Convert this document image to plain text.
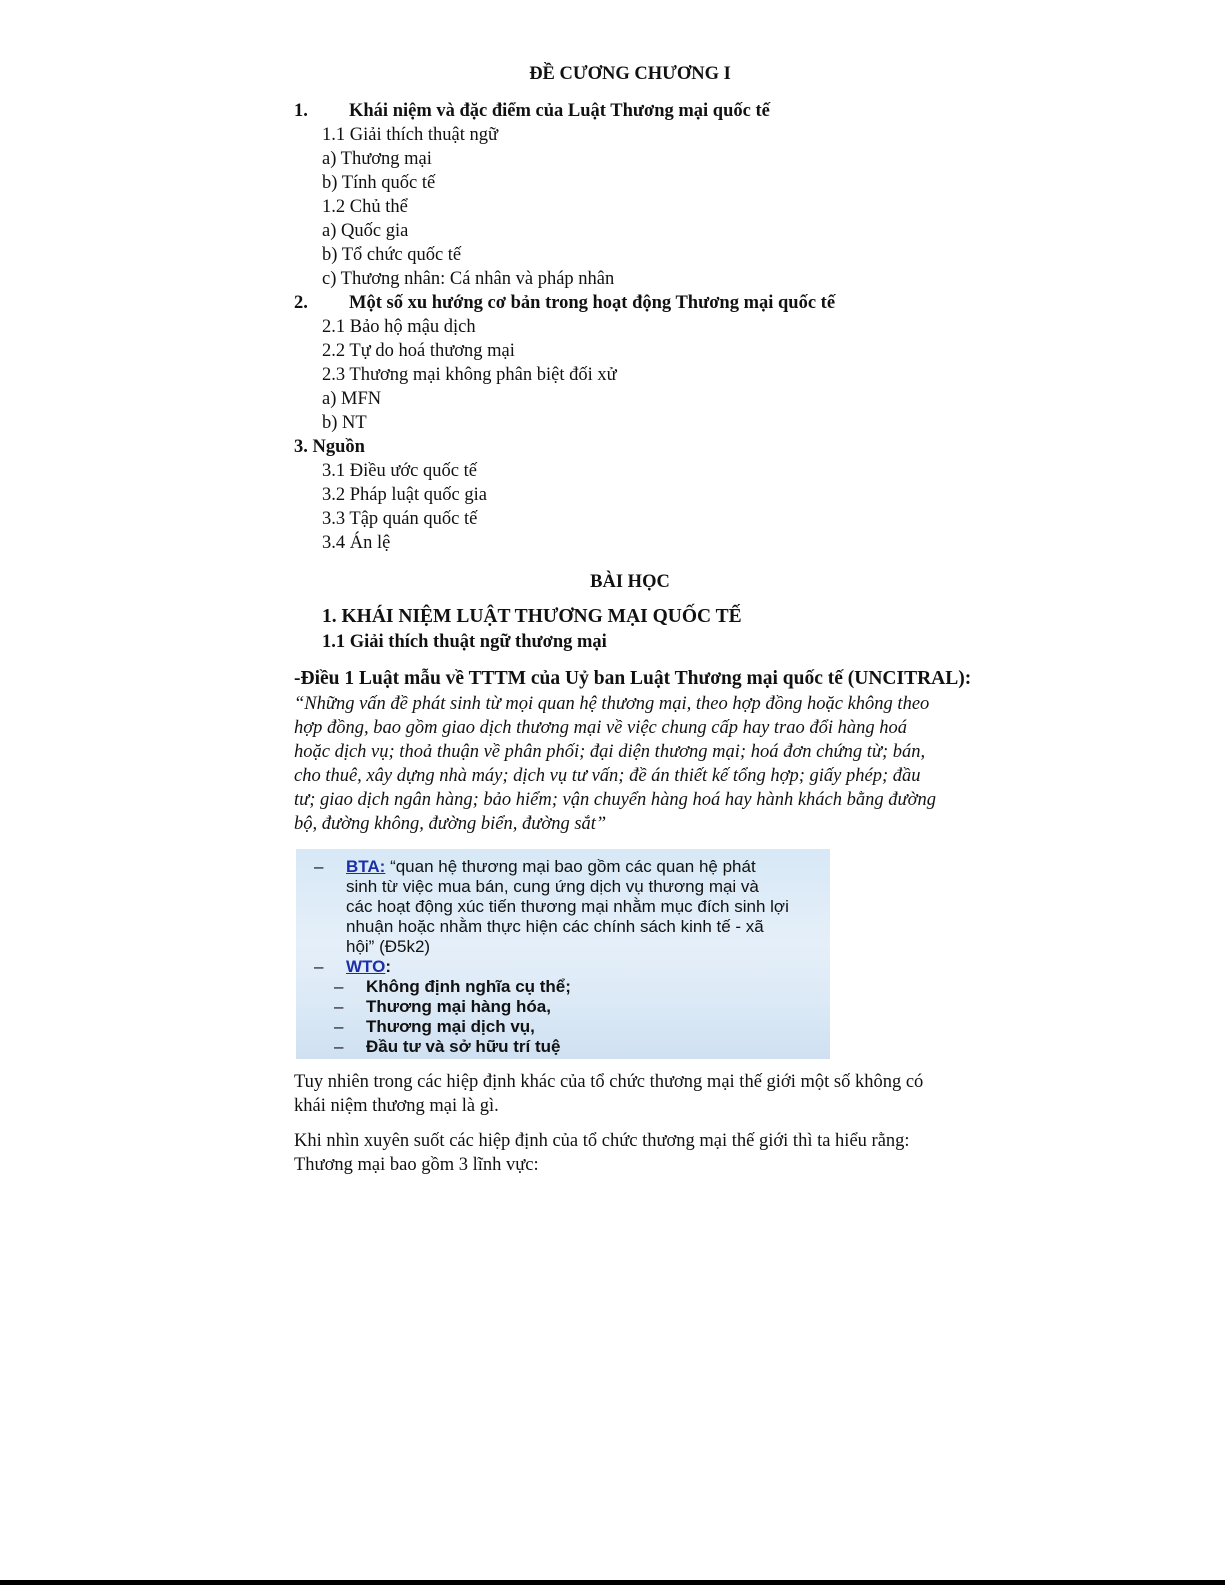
ĐỀ CƯƠNG CHƯƠNG I
1. Khái niệm và đặc điểm của Luật Thương mại quốc tế
1.1 Giải thích thuật ngữ
a) Thương mại
b) Tính quốc tế
1.2 Chủ thể
a) Quốc gia
b) Tổ chức quốc tế
c) Thương nhân: Cá nhân và pháp nhân
2. Một số xu hướng cơ bản trong hoạt động Thương mại quốc tế
2.1 Bảo hộ mậu dịch
2.2 Tự do hoá thương mại
2.3 Thương mại không phân biệt đối xử
a) MFN
b) NT
3. Nguồn
3.1 Điều ước quốc tế
3.2 Pháp luật quốc gia
3.3 Tập quán quốc tế
3.4 Án lệ
BÀI HỌC
1. KHÁI NIỆM LUẬT THƯƠNG MẠI QUỐC TẾ
1.1 Giải thích thuật ngữ thương mại
-Điều 1 Luật mẫu về TTTM của Uỷ ban Luật Thương mại quốc tế (UNCITRAL):
“Những vấn đề phát sinh từ mọi quan hệ thương mại, theo hợp đồng hoặc không theo
hợp đồng, bao gồm giao dịch thương mại về việc chung cấp hay trao đổi hàng hoá
hoặc dịch vụ; thoả thuận về phân phối; đại diện thương mại; hoá đơn chứng từ; bán,
cho thuê, xây dựng nhà máy; dịch vụ tư vấn; đề án thiết kế tổng hợp; giấy phép; đầu
tư; giao dịch ngân hàng; bảo hiểm; vận chuyển hàng hoá hay hành khách bằng đường
bộ, đường không, đường biển, đường sắt”
– BTA: “quan hệ thương mại bao gồm các quan hệ phát
sinh từ việc mua bán, cung ứng dịch vụ thương mại và
các hoạt động xúc tiến thương mại nhằm mục đích sinh lợi
nhuận hoặc nhằm thực hiện các chính sách kinh tế - xã
hội” (Đ5k2)
– WTO:
– Không định nghĩa cụ thể;
– Thương mại hàng hóa,
– Thương mại dịch vụ,
– Đầu tư và sở hữu trí tuệ
Tuy nhiên trong các hiệp định khác của tổ chức thương mại thế giới một số không có
khái niệm thương mại là gì.
Khi nhìn xuyên suốt các hiệp định của tổ chức thương mại thế giới thì ta hiểu rằng:
Thương mại bao gồm 3 lĩnh vực:
